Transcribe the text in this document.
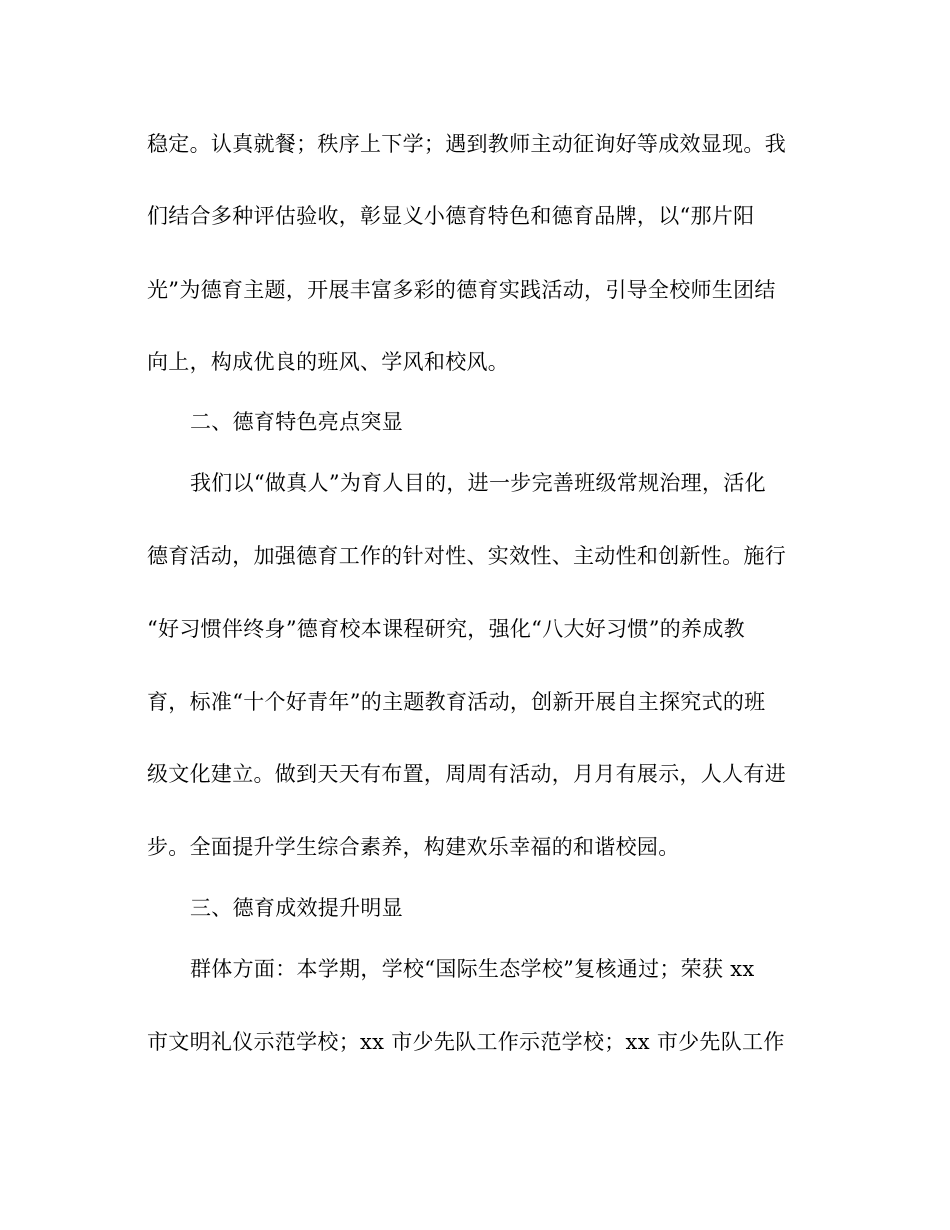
稳定。认真就餐；秩序上下学；遇到教师主动征询好等成效显现。我
们结合多种评估验收，彰显义小德育特色和德育品牌，以“那片阳
光”为德育主题，开展丰富多彩的德育实践活动，引导全校师生团结
向上，构成优良的班风、学风和校风。
二、德育特色亮点突显
我们以“做真人”为育人目的，进一步完善班级常规治理，活化
德育活动，加强德育工作的针对性、实效性、主动性和创新性。施行
“好习惯伴终身”德育校本课程研究，强化“八大好习惯”的养成教
育，标准“十个好青年”的主题教育活动，创新开展自主探究式的班
级文化建立。做到天天有布置，周周有活动，月月有展示，人人有进
步。全面提升学生综合素养，构建欢乐幸福的和谐校园。
三、德育成效提升明显
群体方面：本学期，学校“国际生态学校”复核通过；荣获 xx
市文明礼仪示范学校；xx 市少先队工作示范学校；xx 市少先队工作
